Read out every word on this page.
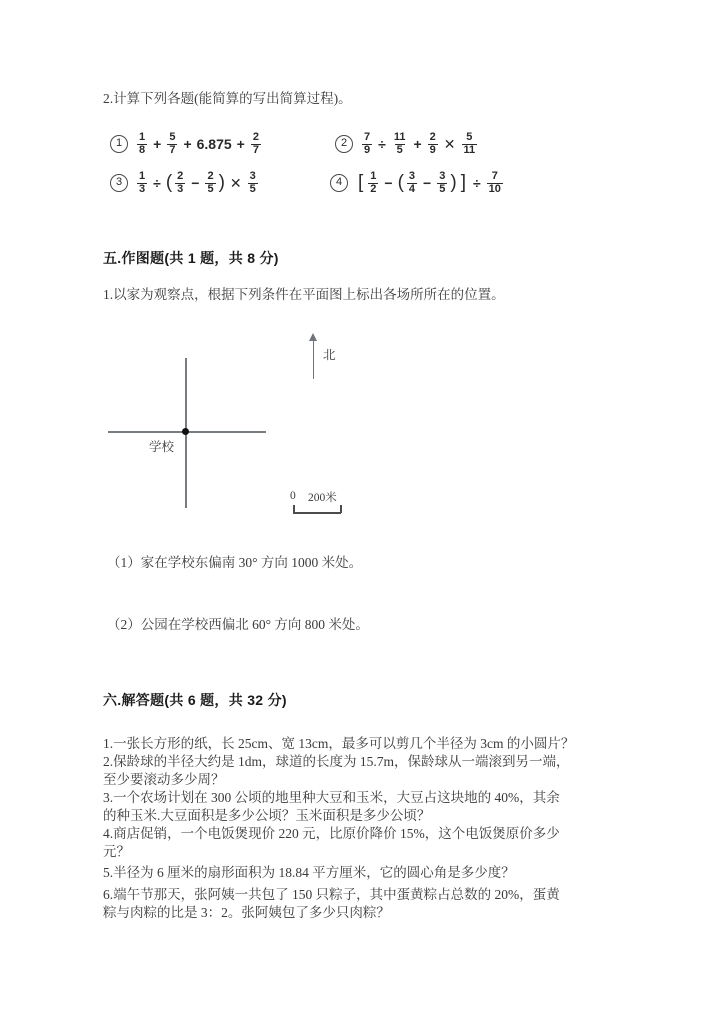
2.计算下列各题(能简算的写出简算过程)。
1	$\frac{1}{8} + \frac{5}{7} + 6.875 + \frac{2}{7}$	2	$\frac{7}{9} \div \frac{11}{5} + \frac{2}{9}$ ✕ $\frac{5}{11}$
3	$\frac{1}{3}$ ÷ ( $\frac{2}{3} - \frac{2}{5}$ ) ✕ $\frac{3}{5}$	4 [ $\frac{1}{2}$ − ( $\frac{3}{4} - \frac{3}{5}$ ) ] ÷ $\frac{7}{10}$
五.作图题(共 1 题，共 8 分)
1.以家为观察点，根据下列条件在平面图上标出各场所所在的位置。
学校
北
0 200米
（1）家在学校东偏南 30° 方向 1000 米处。
（2）公园在学校西偏北 60° 方向 800 米处。
六.解答题(共 6 题，共 32 分)
1.一张长方形的纸，长 25cm、宽 13cm，最多可以剪几个半径为 3cm 的小圆片？
2.保龄球的半径大约是 1dm，球道的长度为 15.7m，保龄球从一端滚到另一端，
至少要滚动多少周？
3.一个农场计划在 300 公顷的地里种大豆和玉米，大豆占这块地的 40%，其余
的种玉米.大豆面积是多少公顷？玉米面积是多少公顷？
4.商店促销，一个电饭煲现价 220 元，比原价降价 15%，这个电饭煲原价多少
元？
5.半径为 6 厘米的扇形面积为 18.84 平方厘米，它的圆心角是多少度？
6.端午节那天，张阿姨一共包了 150 只粽子，其中蛋黄粽占总数的 20%，蛋黄
粽与肉粽的比是 3：2。张阿姨包了多少只肉粽？
